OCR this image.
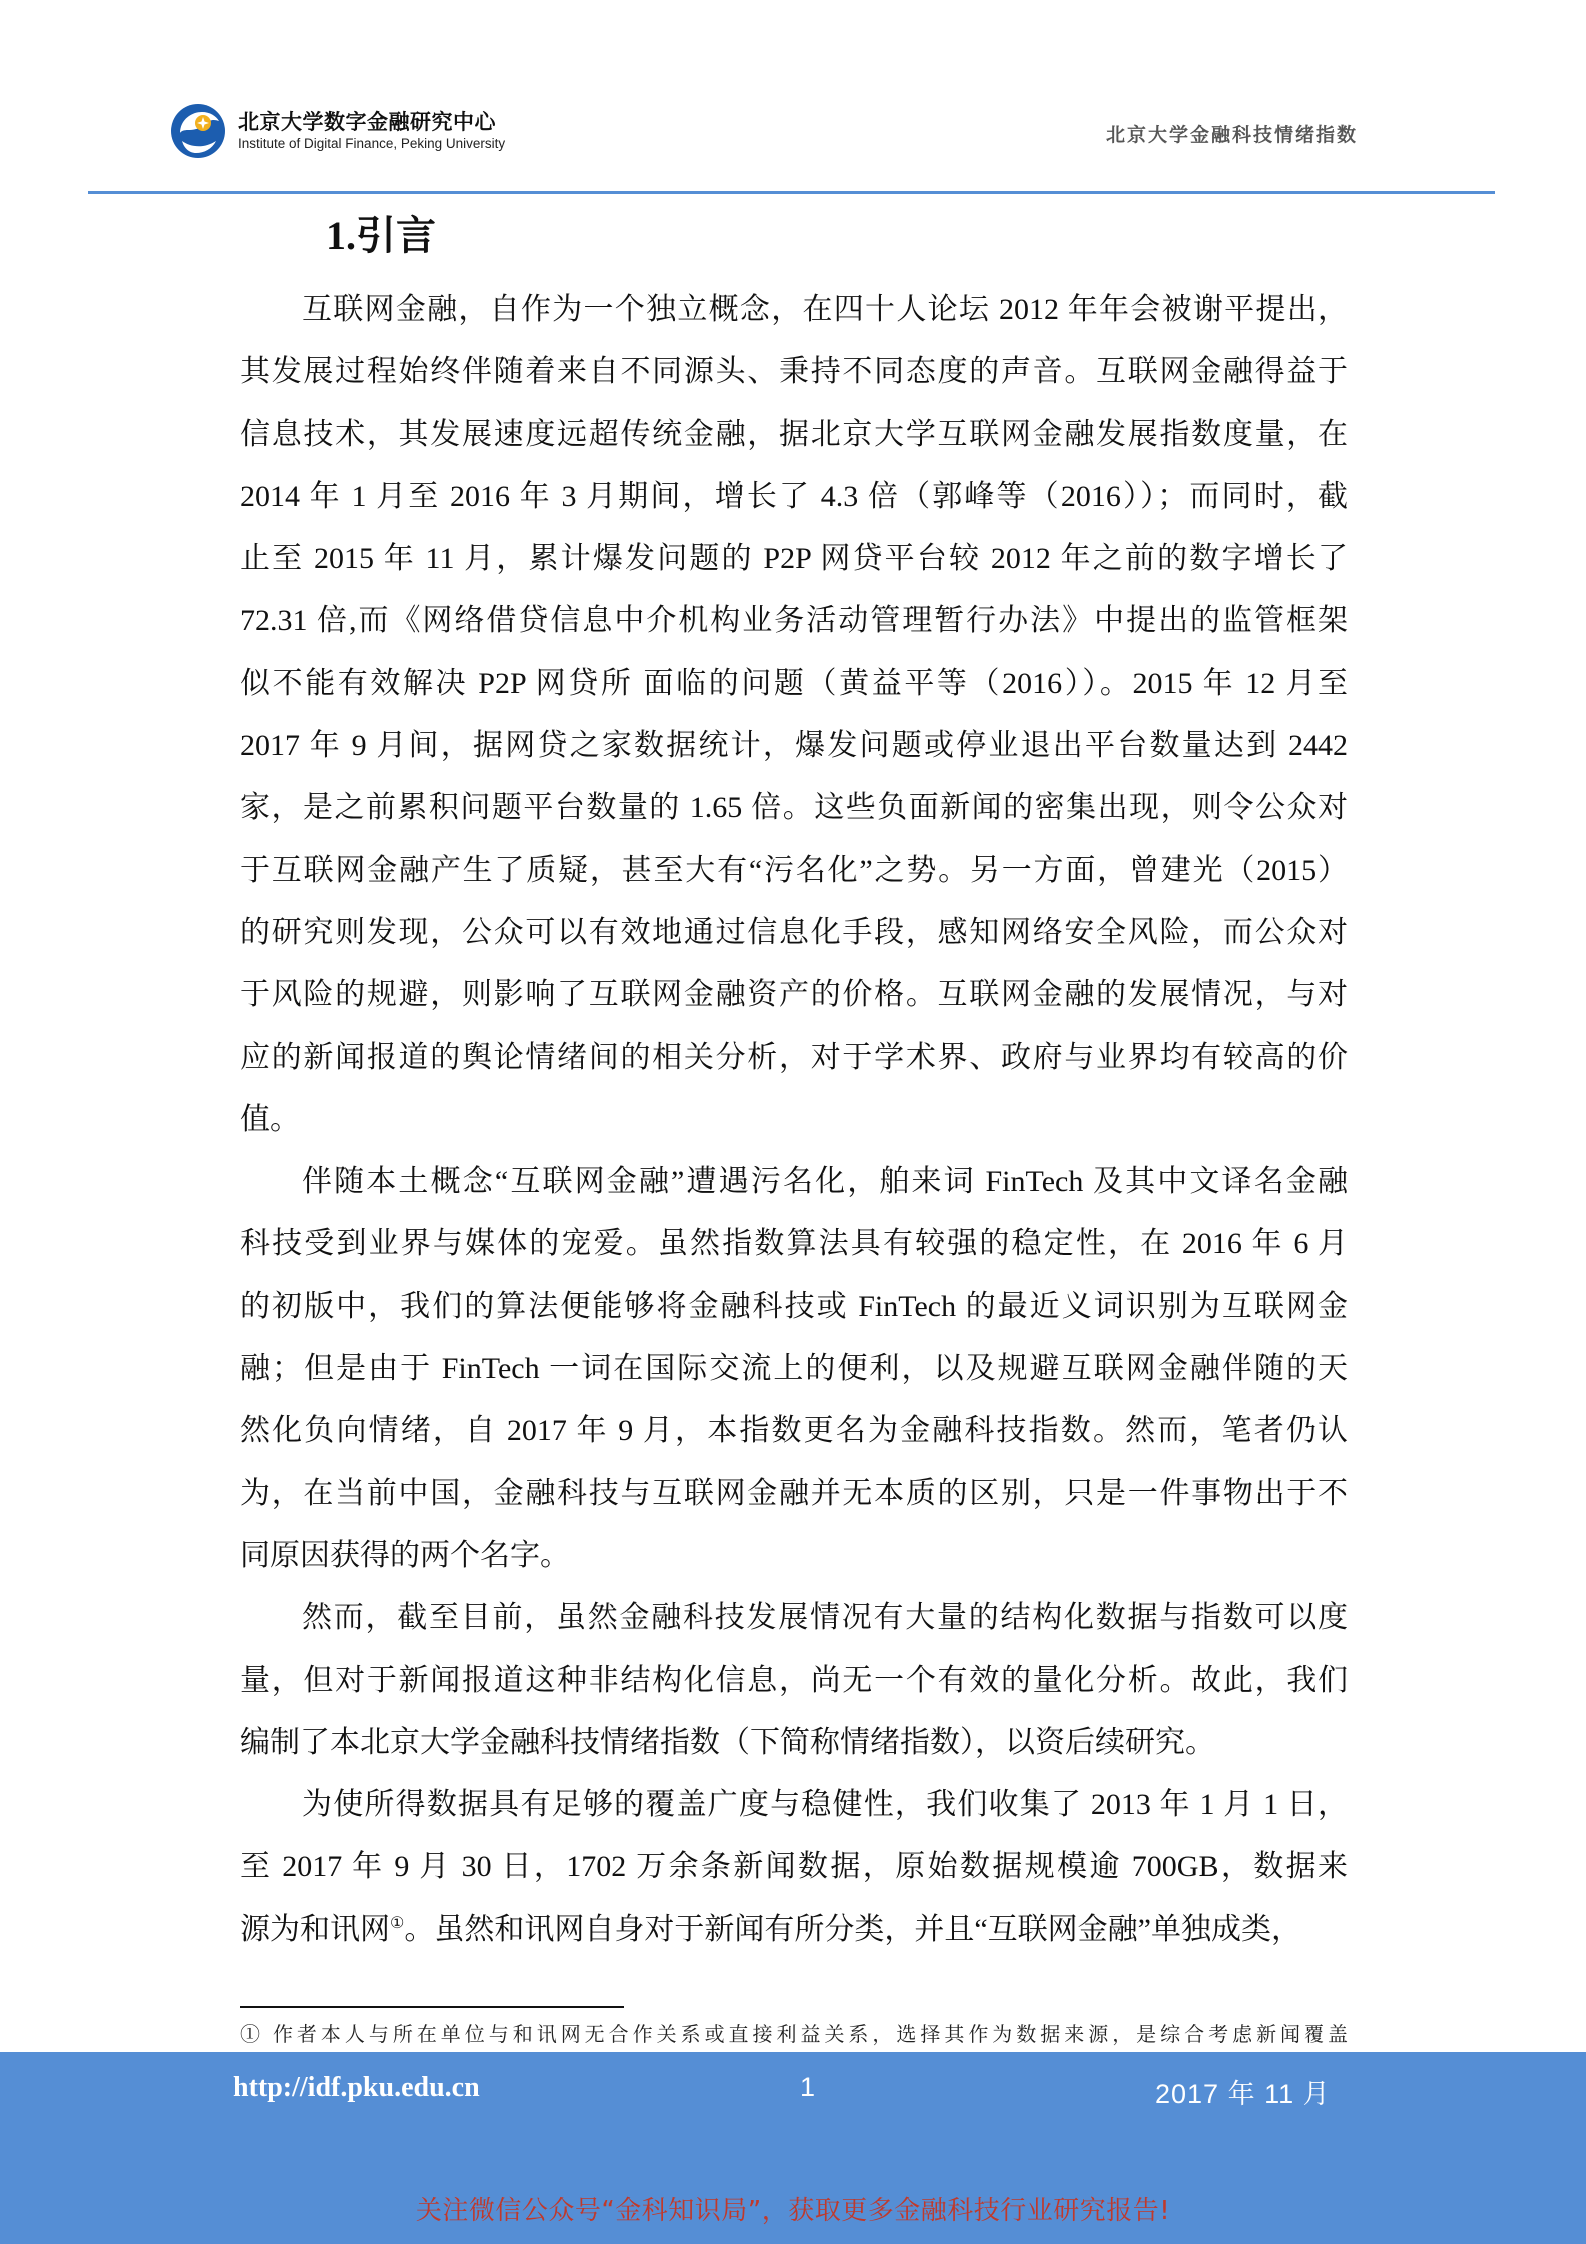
北京大学数字金融研究中心
Institute of Digital Finance, Peking University	北京大学金融科技情绪指数
1.引言
互联网金融，自作为一个独立概念，在四十人论坛 2012 年年会被谢平提出，
其发展过程始终伴随着来自不同源头、秉持不同态度的声音。互联网金融得益于
信息技术，其发展速度远超传统金融，据北京大学互联网金融发展指数度量，在
2014 年 1 月至 2016 年 3 月期间，增长了 4.3 倍（郭峰等（2016））；而同时，截
止至 2015 年 11 月，累计爆发问题的 P2P 网贷平台较 2012 年之前的数字增长了
72.31 倍,而《网络借贷信息中介机构业务活动管理暂行办法》中提出的监管框架
似不能有效解决 P2P 网贷所 面临的问题（黄益平等（2016））。2015 年 12 月至
2017 年 9 月间，据网贷之家数据统计，爆发问题或停业退出平台数量达到 2442
家，是之前累积问题平台数量的 1.65 倍。这些负面新闻的密集出现，则令公众对
于互联网金融产生了质疑，甚至大有“污名化”之势。另一方面，曾建光（2015）
的研究则发现，公众可以有效地通过信息化手段，感知网络安全风险，而公众对
于风险的规避，则影响了互联网金融资产的价格。互联网金融的发展情况，与对
应的新闻报道的舆论情绪间的相关分析，对于学术界、政府与业界均有较高的价
值。
伴随本土概念“互联网金融”遭遇污名化，舶来词 FinTech 及其中文译名金融
科技受到业界与媒体的宠爱。虽然指数算法具有较强的稳定性，在 2016 年 6 月
的初版中，我们的算法便能够将金融科技或 FinTech 的最近义词识别为互联网金
融；但是由于 FinTech 一词在国际交流上的便利，以及规避互联网金融伴随的天
然化负向情绪，自 2017 年 9 月，本指数更名为金融科技指数。然而，笔者仍认
为，在当前中国，金融科技与互联网金融并无本质的区别，只是一件事物出于不
同原因获得的两个名字。
然而，截至目前，虽然金融科技发展情况有大量的结构化数据与指数可以度
量，但对于新闻报道这种非结构化信息，尚无一个有效的量化分析。故此，我们
编制了本北京大学金融科技情绪指数（下简称情绪指数），以资后续研究。
为使所得数据具有足够的覆盖广度与稳健性，我们收集了 2013 年 1 月 1 日，
至 2017 年 9 月 30 日，1702 万余条新闻数据，原始数据规模逾 700GB，数据来
源为和讯网①。虽然和讯网自身对于新闻有所分类，并且“互联网金融”单独成类，
① 作者本人与所在单位与和讯网无合作关系或直接利益关系，选择其作为数据来源，是综合考虑新闻覆盖
http://idf.pku.edu.cn	1	2017 年 11 月
关注微信公众号“金科知识局”，获取更多金融科技行业研究报告!
